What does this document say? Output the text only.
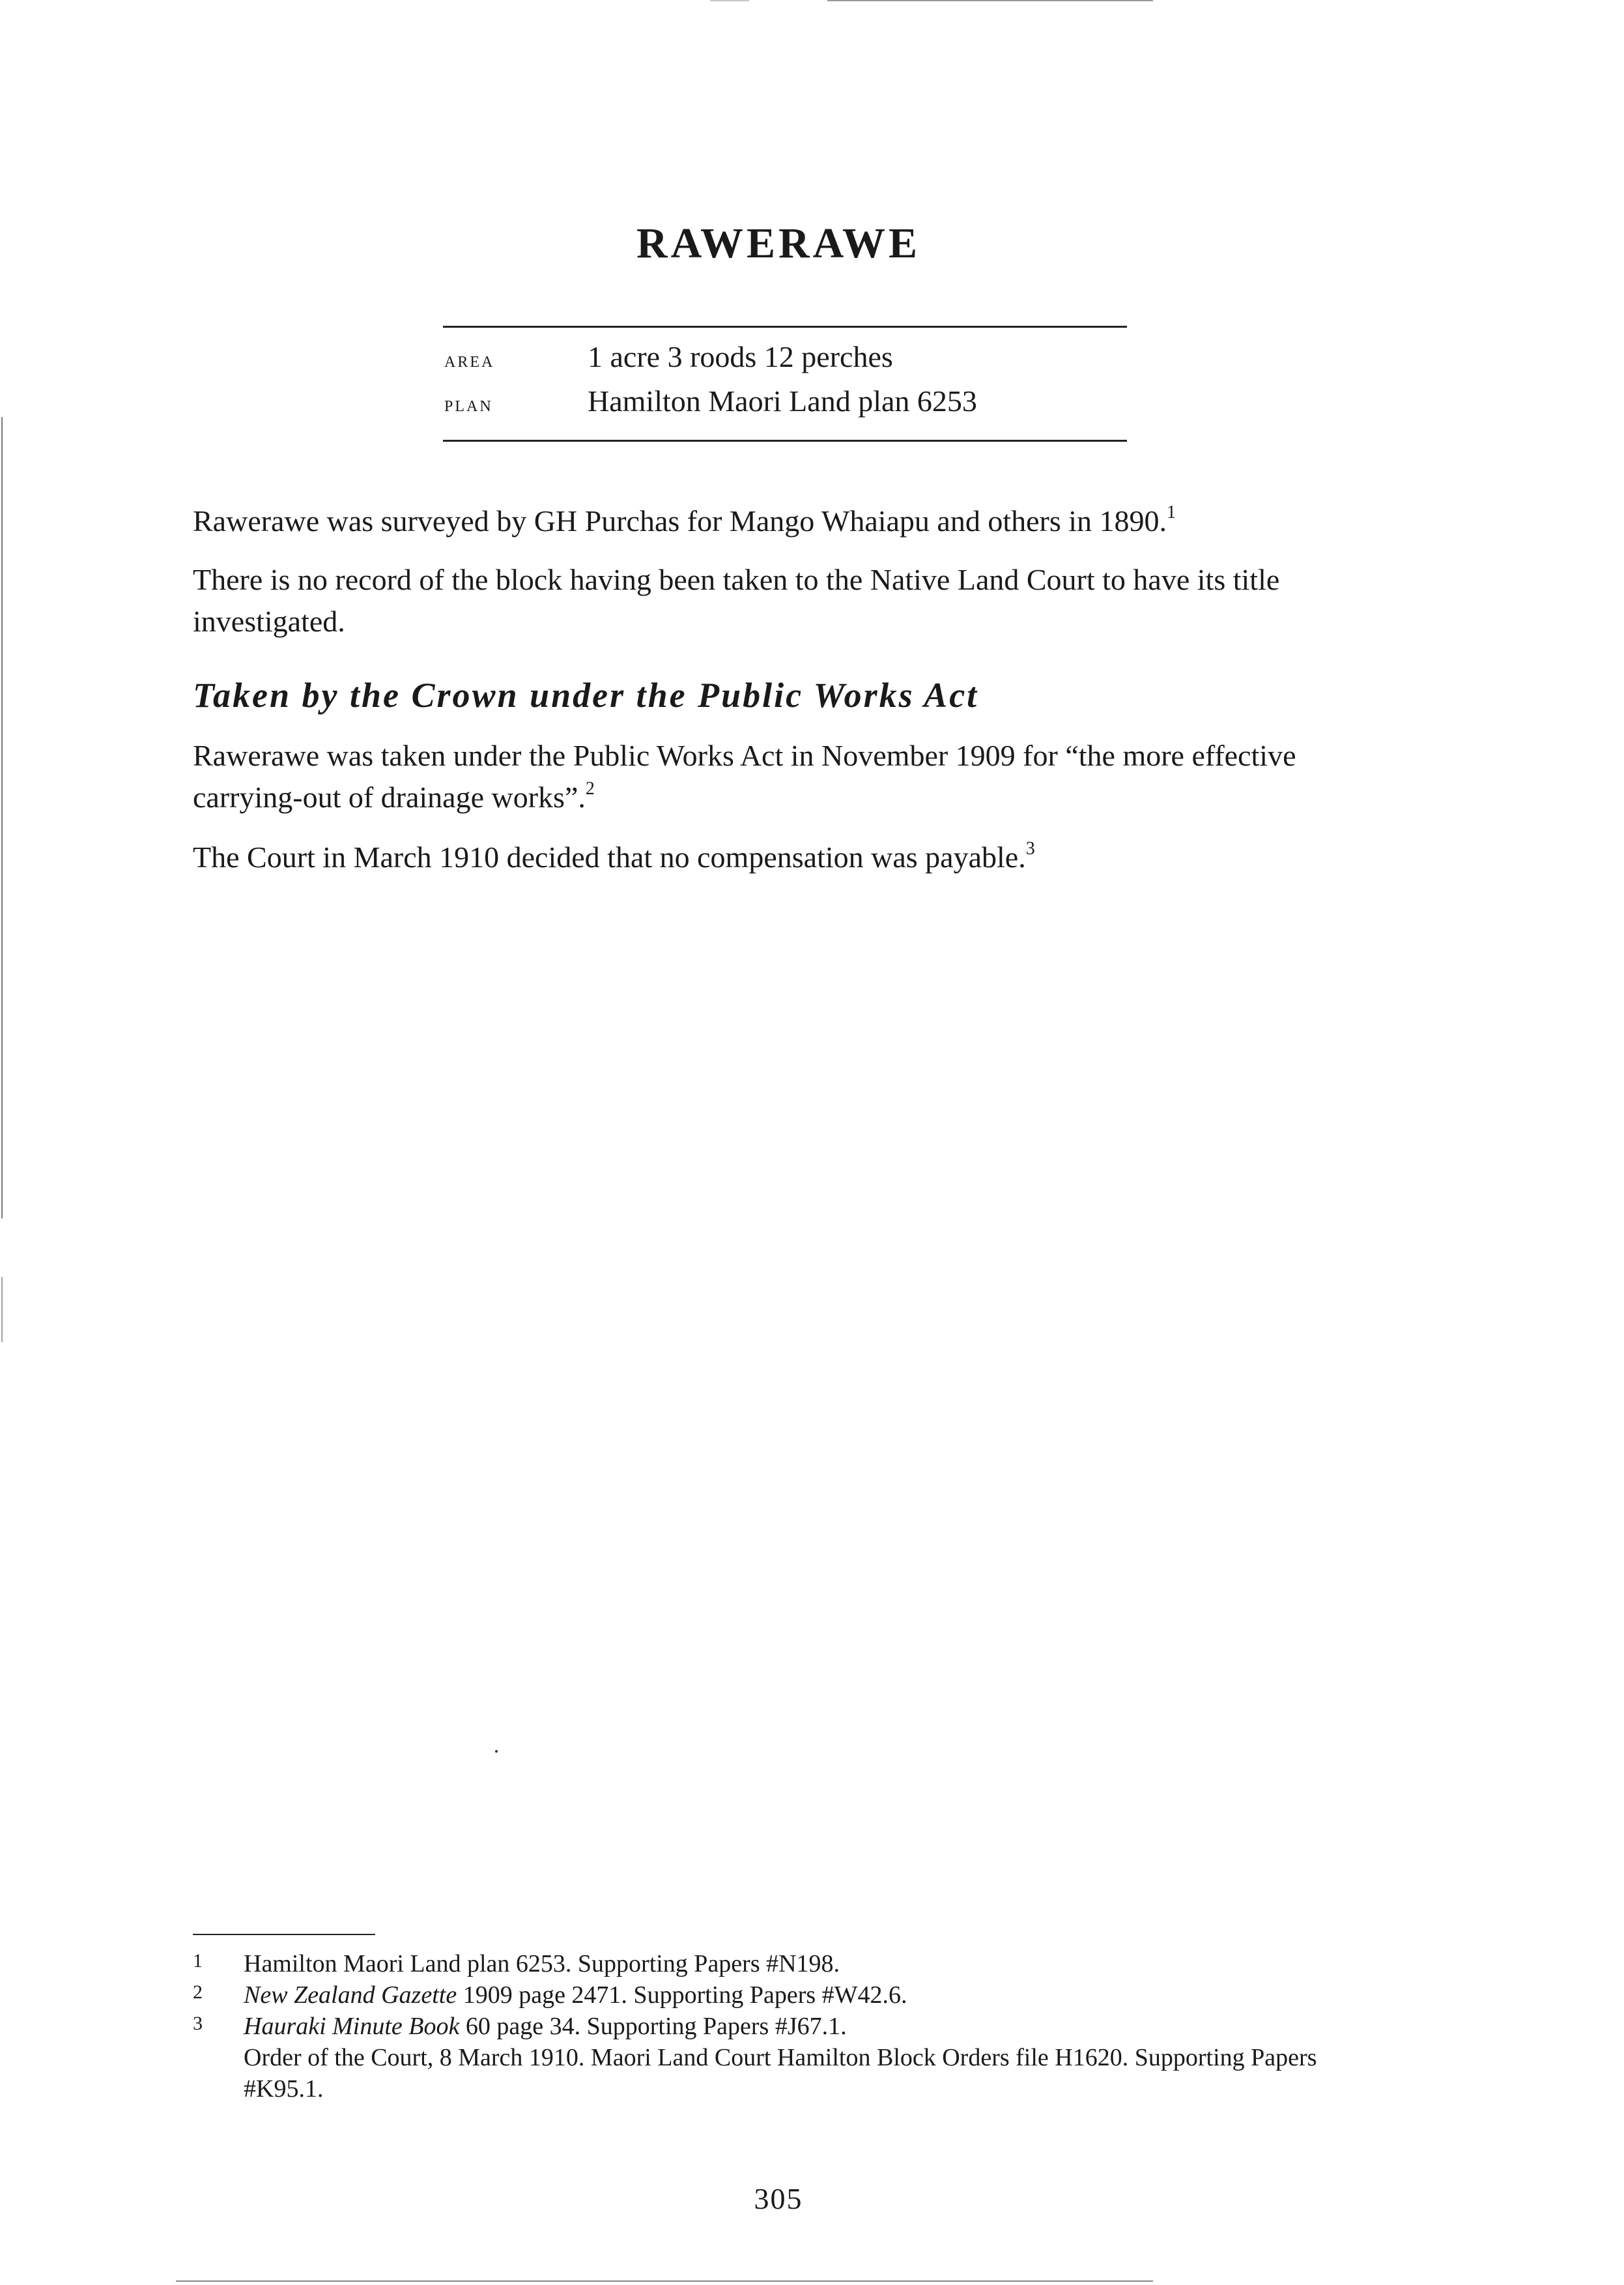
RAWERAWE
area	1 acre 3 roods 12 perches
plan	Hamilton Maori Land plan 6253

Rawerawe was surveyed by GH Purchas for Mango Whaiapu and others in 1890.$^1$

There is no record of the block having been taken to the Native Land Court to have its title investigated.

Taken by the Crown under the Public Works Act

Rawerawe was taken under the Public Works Act in November 1909 for “the more effective carrying-out of drainage works”.$^2$

The Court in March 1910 decided that no compensation was payable.$^3$

1	Hamilton Maori Land plan 6253. Supporting Papers #N198.
2	New Zealand Gazette 1909 page 2471. Supporting Papers #W42.6.
3	Hauraki Minute Book 60 page 34. Supporting Papers #J67.1.
Order of the Court, 8 March 1910. Maori Land Court Hamilton Block Orders file H1620. Supporting Papers #K95.1.
305
